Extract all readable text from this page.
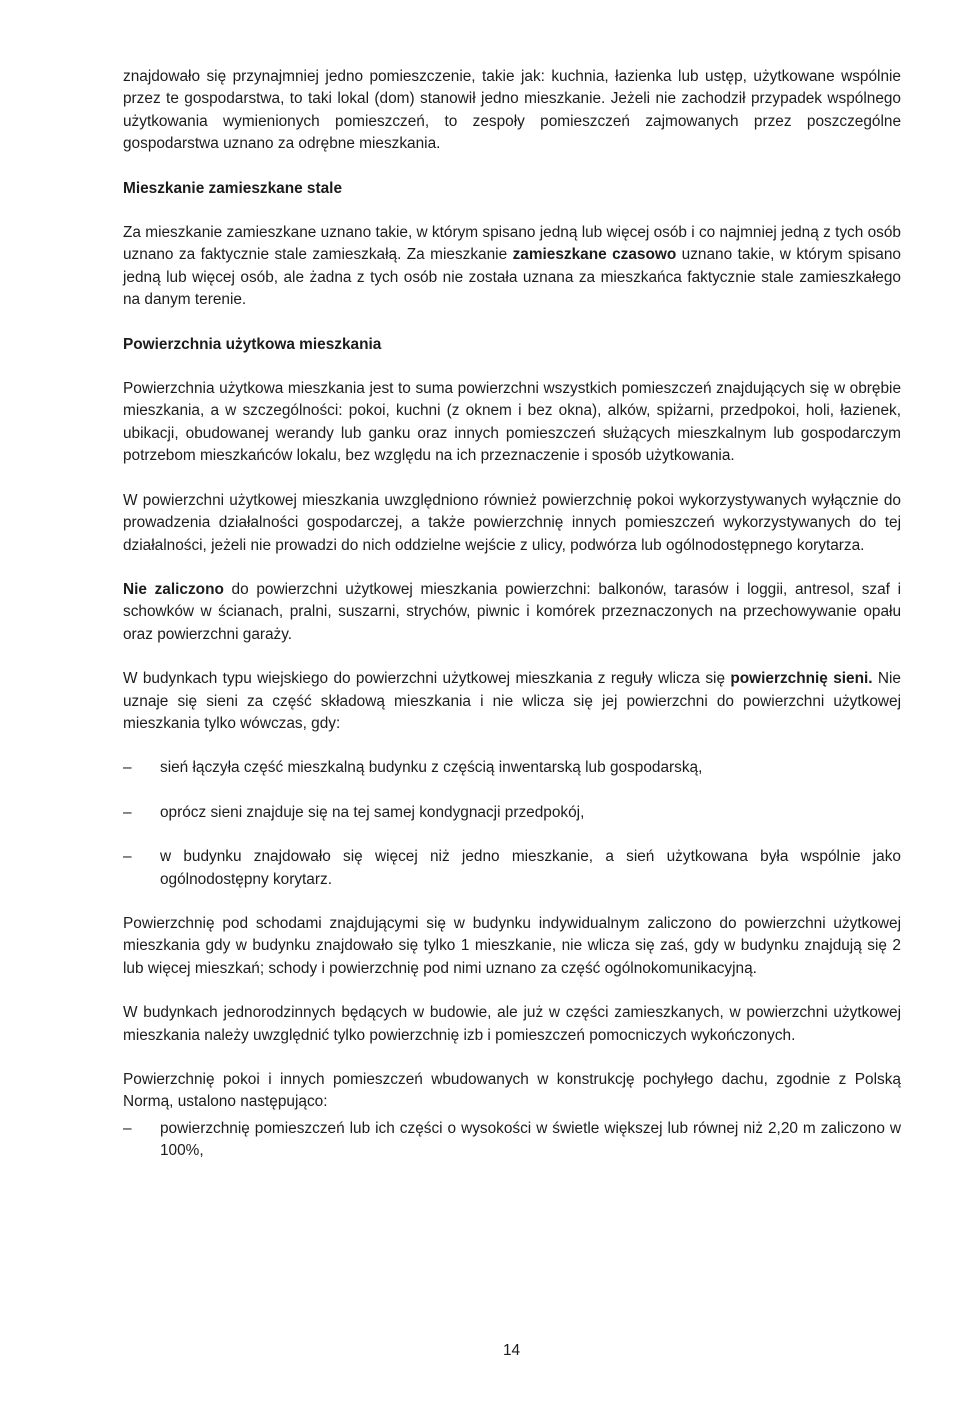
znajdowało się przynajmniej jedno pomieszczenie, takie jak: kuchnia, łazienka lub ustęp, użytkowane wspólnie przez te gospodarstwa, to taki lokal (dom) stanowił jedno mieszkanie. Jeżeli nie zachodził przypadek wspólnego użytkowania wymienionych pomieszczeń, to zespoły pomieszczeń zajmowanych przez poszczególne gospodarstwa uznano za odrębne mieszkania.

Mieszkanie zamieszkane stale

Za mieszkanie zamieszkane uznano takie, w którym spisano jedną lub więcej osób i co najmniej jedną z tych osób uznano za faktycznie stale zamieszkałą. Za mieszkanie zamieszkane czasowo uznano takie, w którym spisano jedną lub więcej osób, ale żadna z tych osób nie została uznana za mieszkańca faktycznie stale zamieszkałego na danym terenie.

Powierzchnia użytkowa mieszkania

Powierzchnia użytkowa mieszkania jest to suma powierzchni wszystkich pomieszczeń znajdujących się w obrębie mieszkania, a w szczególności: pokoi, kuchni (z oknem i bez okna), alków, spiżarni, przedpokoi, holi, łazienek, ubikacji, obudowanej werandy lub ganku oraz innych pomieszczeń służących mieszkalnym lub gospodarczym potrzebom mieszkańców lokalu, bez względu na ich przeznaczenie i sposób użytkowania.

W powierzchni użytkowej mieszkania uwzględniono również powierzchnię pokoi wykorzystywanych wyłącznie do prowadzenia działalności gospodarczej, a także powierzchnię innych pomieszczeń wykorzystywanych do tej działalności, jeżeli nie prowadzi do nich oddzielne wejście z ulicy, podwórza lub ogólnodostępnego korytarza.

Nie zaliczono do powierzchni użytkowej mieszkania powierzchni: balkonów, tarasów i loggii, antresol, szaf i schowków w ścianach, pralni, suszarni, strychów, piwnic i komórek przeznaczonych na przechowywanie opału oraz powierzchni garaży.

W budynkach typu wiejskiego do powierzchni użytkowej mieszkania z reguły wlicza się powierzchnię sieni. Nie uznaje się sieni za część składową mieszkania i nie wlicza się jej powierzchni do powierzchni użytkowej mieszkania tylko wówczas, gdy:

– sień łączyła część mieszkalną budynku z częścią inwentarską lub gospodarską,
– oprócz sieni znajduje się na tej samej kondygnacji przedpokój,
– w budynku znajdowało się więcej niż jedno mieszkanie, a sień użytkowana była wspólnie jako ogólnodostępny korytarz.

Powierzchnię pod schodami znajdującymi się w budynku indywidualnym zaliczono do powierzchni użytkowej mieszkania gdy w budynku znajdowało się tylko 1 mieszkanie, nie wlicza się zaś, gdy w budynku znajdują się 2 lub więcej mieszkań; schody i powierzchnię pod nimi uznano za część ogólnokomunikacyjną.

W budynkach jednorodzinnych będących w budowie, ale już w części zamieszkanych, w powierzchni użytkowej mieszkania należy uwzględnić tylko powierzchnię izb i pomieszczeń pomocniczych wykończonych.

Powierzchnię pokoi i innych pomieszczeń wbudowanych w konstrukcję pochyłego dachu, zgodnie z Polską Normą, ustalono następująco:

– powierzchnię pomieszczeń lub ich części o wysokości w świetle większej lub równej niż 2,20 m zaliczono w 100%,
14
